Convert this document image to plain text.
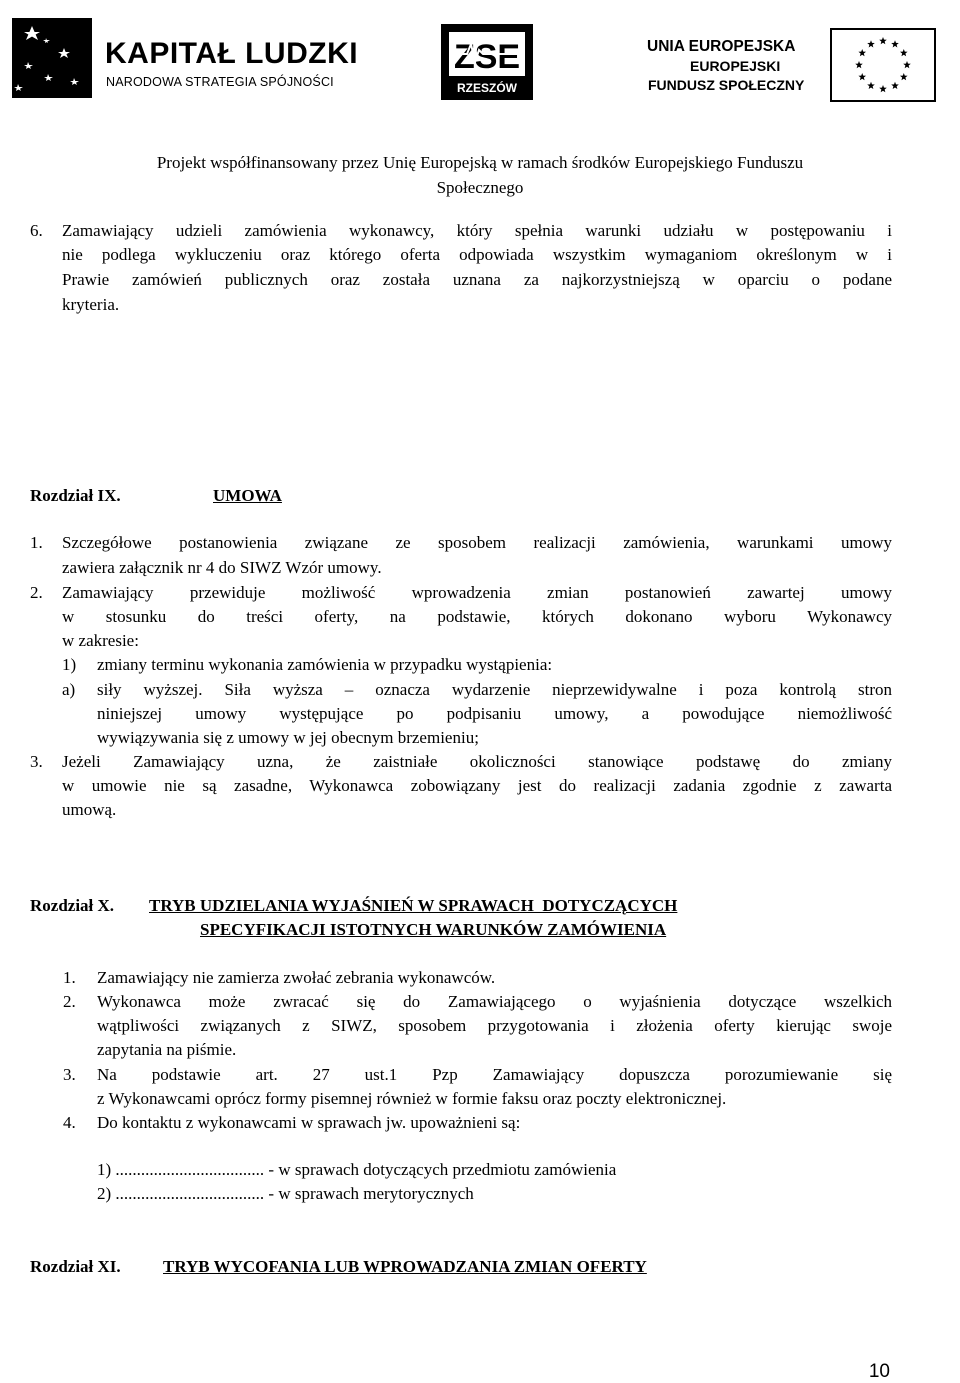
KAPITAŁ LUDZKI
NARODOWA STRATEGIA SPÓJNOŚCI
ZSE
RZESZÓW
UNIA EUROPEJSKA
EUROPEJSKI
FUNDUSZ SPOŁECZNY
Projekt współfinansowany przez Unię Europejską w ramach środków Europejskiego Funduszu
Społecznego
6. Zamawiający udzieli zamówienia wykonawcy, który spełnia warunki udziału w postępowaniu i
nie podlega wykluczeniu oraz którego oferta odpowiada wszystkim wymaganiom określonym w i
Prawie zamówień publicznych oraz została uznana za najkorzystniejszą w oparciu o podane
kryteria.
Rozdział IX.	UMOWA
1. Szczegółowe postanowienia związane ze sposobem realizacji zamówienia, warunkami umowy
zawiera załącznik nr 4 do SIWZ Wzór umowy.
2. Zamawiający przewiduje możliwość wprowadzenia zmian postanowień zawartej umowy
w stosunku do treści oferty, na podstawie, których dokonano wyboru Wykonawcy
w zakresie:
1) zmiany terminu wykonania zamówienia w przypadku wystąpienia:
a) siły wyższej. Siła wyższa – oznacza wydarzenie nieprzewidywalne i poza kontrolą stron
niniejszej umowy występujące po podpisaniu umowy, a powodujące niemożliwość
wywiązywania się z umowy w jej obecnym brzemieniu;
3. Jeżeli Zamawiający uzna, że zaistniałe okoliczności stanowiące podstawę do zmiany
w umowie nie są zasadne, Wykonawca zobowiązany jest do realizacji zadania zgodnie z zawarta
umową.
Rozdział X. TRYB UDZIELANIA WYJAŚNIEŃ W SPRAWACH  DOTYCZĄCYCH
SPECYFIKACJI ISTOTNYCH WARUNKÓW ZAMÓWIENIA
1. Zamawiający nie zamierza zwołać zebrania wykonawców.
2. Wykonawca może zwracać się do Zamawiającego o wyjaśnienia dotyczące wszelkich
wątpliwości związanych z SIWZ, sposobem przygotowania i złożenia oferty kierując swoje
zapytania na piśmie.
3. Na podstawie art. 27 ust.1 Pzp Zamawiający dopuszcza porozumiewanie się
z Wykonawcami oprócz formy pisemnej również w formie faksu oraz poczty elektronicznej.
4. Do kontaktu z wykonawcami w sprawach jw. upoważnieni są:
1) ................................... - w sprawach dotyczących przedmiotu zamówienia
2) ................................... - w sprawach merytorycznych
Rozdział XI. TRYB WYCOFANIA LUB WPROWADZANIA ZMIAN OFERTY
10
